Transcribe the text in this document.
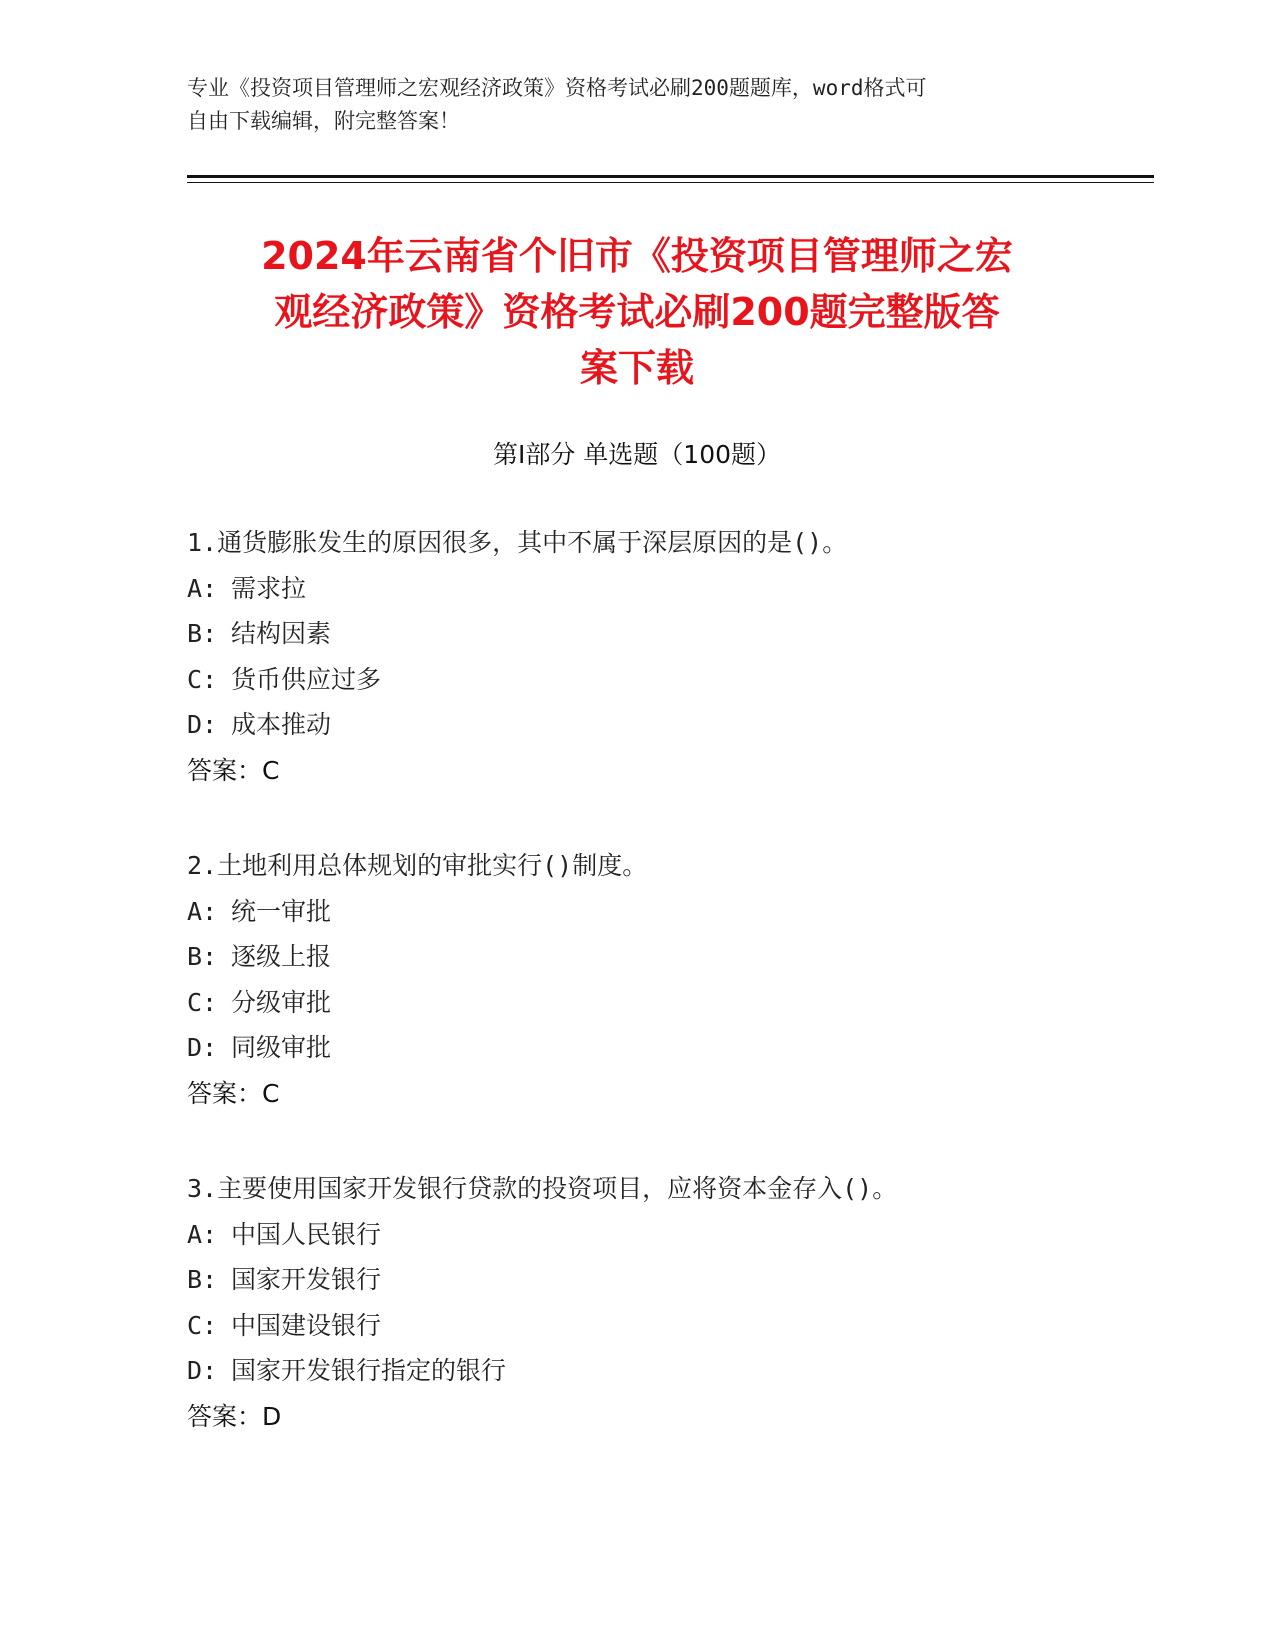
专业《投资项目管理师之宏观经济政策》资格考试必刷200题题库，word格式可
自由下载编辑，附完整答案！
2024年云南省个旧市《投资项目管理师之宏
观经济政策》资格考试必刷200题完整版答
案下载
第Ⅰ部分 单选题（100题）
1.通货膨胀发生的原因很多，其中不属于深层原因的是()。
A: 需求拉
B: 结构因素
C: 货币供应过多
D: 成本推动
答案：C
2.土地利用总体规划的审批实行()制度。
A: 统一审批
B: 逐级上报
C: 分级审批
D: 同级审批
答案：C
3.主要使用国家开发银行贷款的投资项目，应将资本金存入()。
A: 中国人民银行
B: 国家开发银行
C: 中国建设银行
D: 国家开发银行指定的银行
答案：D
